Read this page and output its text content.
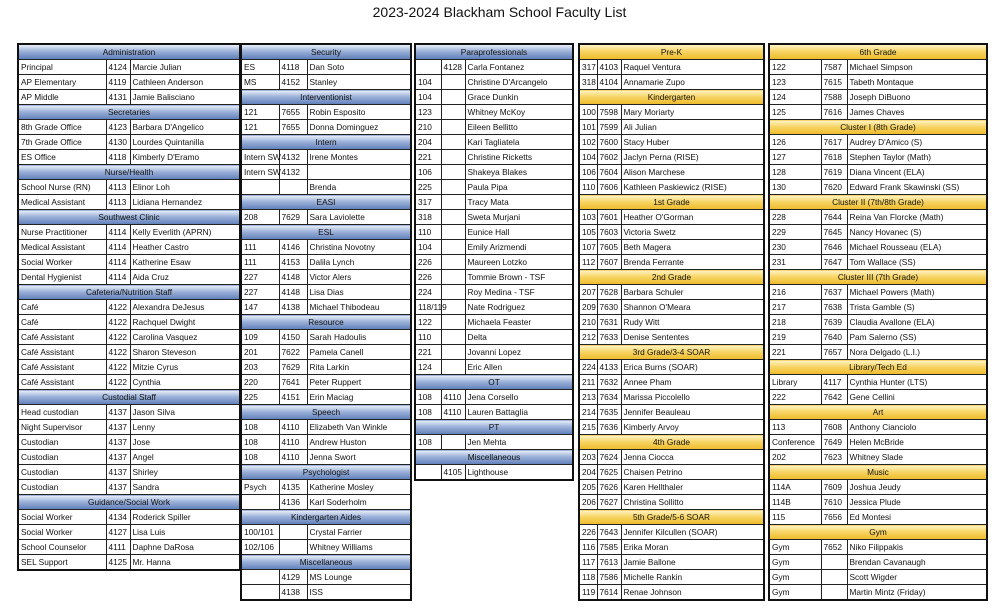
2023-2024 Blackham School Faculty List
Administration		
Principal	4124	Marcie Julian
AP Elementary	4119	Cathleen Anderson
AP Middle	4131	Jamie Balisciano
Secretaries		
8th Grade Office	4123	Barbara D'Angelico
7th Grade Office	4130	Lourdes Quintanilla
ES Office	4118	Kimberly D'Eramo
Nurse/Health		
School Nurse (RN)	4113	Elinor Loh
Medical Assistant	4113	Lidiana Hernandez
Southwest Clinic		
Nurse Practitioner	4114	Kelly Everlith (APRN)
Medical Assistant	4114	Heather Castro
Social Worker	4114	Katherine Esaw
Dental Hygienist	4114	Aida Cruz
Cafeteria/Nutrition Staff		
Café	4122	Alexandra DeJesus
Café	4122	Rachquel Dwight
Café Assistant	4122	Carolina Vasquez
Café Assistant	4122	Sharon Steveson
Café Assistant	4122	Mitzie Cyrus
Café Assistant	4122	Cynthia
Custodial Staff		
Head custodian	4137	Jason Silva
Night Supervisor	4137	Lenny
Custodian	4137	Jose
Custodian	4137	Angel
Custodian	4137	Shirley
Custodian	4137	Sandra
Guidance/Social Work		
Social Worker	4134	Roderick Spiller
Social Worker	4127	Lisa Luis
School Counselor	4111	Daphne DaRosa
SEL Support	4125	Mr. Hanna
Security		
ES	4118	Dan Soto
MS	4152	Stanley
Interventionist		
121	7655	Robin Esposito
121	7655	Donna Dominguez
Intern		
Intern SW	4132	Irene Montes
Intern SW	4132	
		Brenda
EASI		
208	7629	Sara Laviolette
ESL		
111	4146	Christina Novotny
111	4153	Dalila Lynch
227	4148	Victor Alers
227	4148	Lisa Dias
147	4138	Michael Thibodeau
Resource		
109	4150	Sarah Hadoulis
201	7622	Pamela Canell
203	7629	Rita Larkin
220	7641	Peter Ruppert
225	4151	Erin Maciag
Speech		
108	4110	Elizabeth Van Winkle
108	4110	Andrew Huston
108	4110	Jenna Swort
Psychologist		
Psych	4135	Katherine Mosley
	4136	Karl Soderholm
Kindergarten Aides		
100/101		Crystal Farrier
102/106		Whitney Williams
Miscellaneous		
	4129	MS Lounge
	4138	ISS
Paraprofessionals		
	4128	Carla Fontanez
104		Christine D'Arcangelo
104		Grace Dunkin
123		Whitney McKoy
210		Eileen Bellitto
204		Kari Tagliatela
221		Christine Ricketts
106		Shakeya Blakes
225		Paula Pipa
317		Tracy Mata
318		Sweta Murjani
110		Eunice Hall
104		Emily Arizmendi
226		Maureen Lotzko
226		Tommie Brown - TSF
224		Roy Medina - TSF
118/119		Nate Rodriguez
122		Michaela Feaster
110		Delta
221		Jovanni Lopez
124		Eric Allen
OT		
108	4110	Jena Corsello
108	4110	Lauren Battaglia
PT		
108		Jen Mehta
Miscellaneous		
	4105	Lighthouse
Pre-K		
317	4103	Raquel Ventura
318	4104	Annamarie Zupo
Kindergarten		
100	7598	Mary Moriarty
101	7599	Ali Julian
102	7600	Stacy Huber
104	7602	Jaclyn Perna (RISE)
106	7604	Alison Marchese
110	7606	Kathleen Paskiewicz (RISE)
1st Grade		
103	7601	Heather O'Gorman
105	7603	Victoria Swetz
107	7605	Beth Magera
112	7607	Brenda Ferrante
2nd Grade		
207	7628	Barbara Schuler
209	7630	Shannon O'Meara
210	7631	Rudy Witt
212	7633	Denise Sententes
3rd Grade/3-4 SOAR		
224	4133	Erica Burns (SOAR)
211	7632	Annee Pham
213	7634	Marissa Piccolello
214	7635	Jennifer Beauleau
215	7636	Kimberly Arvoy
4th Grade		
203	7624	Jenna Ciocca
204	7625	Chaisen Petrino
205	7626	Karen Hellthaler
206	7627	Christina Sollitto
5th Grade/5-6 SOAR		
226	7643	Jennifer Kilcullen (SOAR)
116	7585	Erika Moran
117	7613	Jamie Ballone
118	7586	Michelle Rankin
119	7614	Renae Johnson
6th Grade		
122	7587	Michael Simpson
123	7615	Tabeth Montaque
124	7588	Joseph DiBuono
125	7616	James Chaves
Cluster I (8th Grade)		
126	7617	Audrey D'Amico (S)
127	7618	Stephen Taylor (Math)
128	7619	Diana Vincent (ELA)
130	7620	Edward Frank Skawinski (SS)
Cluster II (7th/8th Grade)		
228	7644	Reina Van Florcke (Math)
229	7645	Nancy Hovanec (S)
230	7646	Michael Rousseau (ELA)
231	7647	Tom Wallace (SS)
Cluster III (7th Grade)		
216	7637	Michael Powers (Math)
217	7638	Trista Gamble (S)
218	7639	Claudia Avallone (ELA)
219	7640	Pam Salerno (SS)
221	7657	Nora Delgado (L.I.)
Library/Tech Ed		
Library	4117	Cynthia Hunter (LTS)
222	7642	Gene Cellini
Art		
113	7608	Anthony Cianciolo
Conference	7649	Helen McBride
202	7623	Whitney Slade
Music		
114A	7609	Joshua Jeudy
114B	7610	Jessica Plude
115	7656	Ed Montesi
Gym		
Gym	7652	Niko Filippakis
Gym		Brendan Cavanaugh
Gym		Scott Wigder
Gym		Martin Mintz (Friday)
